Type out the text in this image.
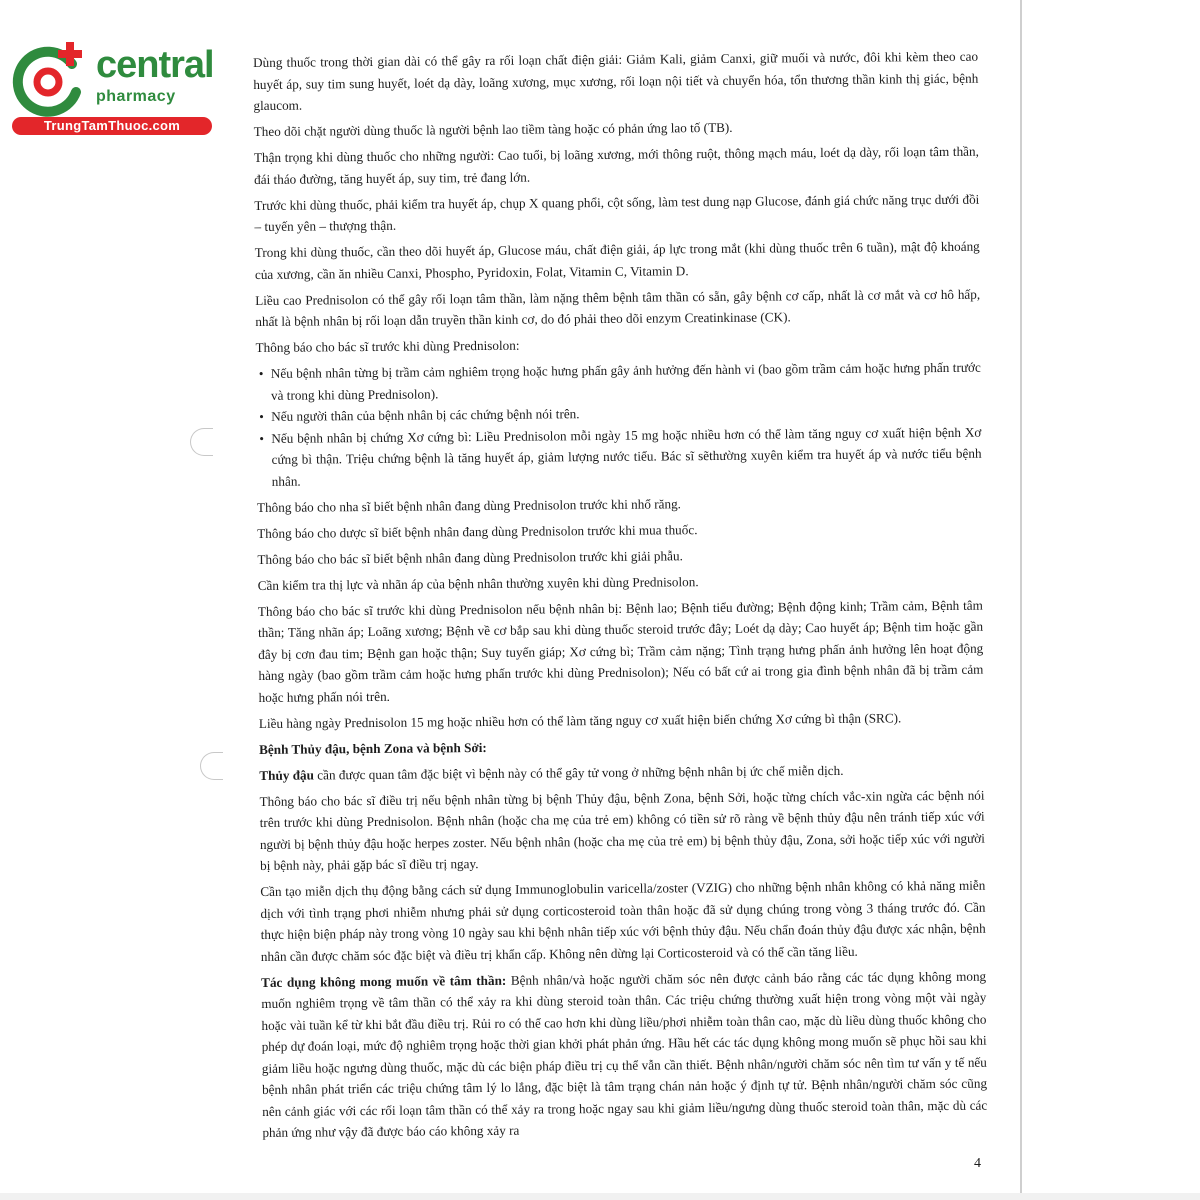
central
pharmacy
TrungTamThuoc.com

Dùng thuốc trong thời gian dài có thể gây ra rối loạn chất điện giải: Giảm Kali, giảm Canxi, giữ muối và nước, đôi khi kèm theo cao huyết áp, suy tim sung huyết, loét dạ dày, loãng xương, mục xương, rối loạn nội tiết và chuyển hóa, tổn thương thần kinh thị giác, bệnh glaucom.

Theo dõi chặt người dùng thuốc là người bệnh lao tiềm tàng hoặc có phản ứng lao tố (TB).

Thận trọng khi dùng thuốc cho những người: Cao tuổi, bị loãng xương, mới thông ruột, thông mạch máu, loét dạ dày, rối loạn tâm thần, đái tháo đường, tăng huyết áp, suy tim, trẻ đang lớn.

Trước khi dùng thuốc, phải kiểm tra huyết áp, chụp X quang phổi, cột sống, làm test dung nạp Glucose, đánh giá chức năng trục dưới đồi – tuyến yên – thượng thận.

Trong khi dùng thuốc, cần theo dõi huyết áp, Glucose máu, chất điện giải, áp lực trong mắt (khi dùng thuốc trên 6 tuần), mật độ khoáng của xương, cần ăn nhiều Canxi, Phospho, Pyridoxin, Folat, Vitamin C, Vitamin D.

Liều cao Prednisolon có thể gây rối loạn tâm thần, làm nặng thêm bệnh tâm thần có sẵn, gây bệnh cơ cấp, nhất là cơ mắt và cơ hô hấp, nhất là bệnh nhân bị rối loạn dẫn truyền thần kinh cơ, do đó phải theo dõi enzym Creatinkinase (CK).

Thông báo cho bác sĩ trước khi dùng Prednisolon:

• Nếu bệnh nhân từng bị trầm cảm nghiêm trọng hoặc hưng phấn gây ảnh hưởng đến hành vi (bao gồm trầm cảm hoặc hưng phấn trước và trong khi dùng Prednisolon).
• Nếu người thân của bệnh nhân bị các chứng bệnh nói trên.
• Nếu bệnh nhân bị chứng Xơ cứng bì: Liều Prednisolon mỗi ngày 15 mg hoặc nhiều hơn có thể làm tăng nguy cơ xuất hiện bệnh Xơ cứng bì thận. Triệu chứng bệnh là tăng huyết áp, giảm lượng nước tiểu. Bác sĩ sẽthường xuyên kiểm tra huyết áp và nước tiểu bệnh nhân.

Thông báo cho nha sĩ biết bệnh nhân đang dùng Prednisolon trước khi nhổ răng.

Thông báo cho dược sĩ biết bệnh nhân đang dùng Prednisolon trước khi mua thuốc.

Thông báo cho bác sĩ biết bệnh nhân đang dùng Prednisolon trước khi giải phẫu.

Cần kiểm tra thị lực và nhãn áp của bệnh nhân thường xuyên khi dùng Prednisolon.

Thông báo cho bác sĩ trước khi dùng Prednisolon nếu bệnh nhân bị: Bệnh lao; Bệnh tiểu đường; Bệnh động kinh; Trầm cảm, Bệnh tâm thần; Tăng nhãn áp; Loãng xương; Bệnh về cơ bắp sau khi dùng thuốc steroid trước đây; Loét dạ dày; Cao huyết áp; Bệnh tim hoặc gần đây bị cơn đau tim; Bệnh gan hoặc thận; Suy tuyến giáp; Xơ cứng bì; Trầm cảm nặng; Tình trạng hưng phấn ảnh hưởng lên hoạt động hàng ngày (bao gồm trầm cảm hoặc hưng phấn trước khi dùng Prednisolon); Nếu có bất cứ ai trong gia đình bệnh nhân đã bị trầm cảm hoặc hưng phấn nói trên.

Liều hàng ngày Prednisolon 15 mg hoặc nhiều hơn có thể làm tăng nguy cơ xuất hiện biến chứng Xơ cứng bì thận (SRC).

Bệnh Thủy đậu, bệnh Zona và bệnh Sởi:

Thủy đậu cần được quan tâm đặc biệt vì bệnh này có thể gây tử vong ở những bệnh nhân bị ức chế miễn dịch.

Thông báo cho bác sĩ điều trị nếu bệnh nhân từng bị bệnh Thủy đậu, bệnh Zona, bệnh Sởi, hoặc từng chích vắc-xin ngừa các bệnh nói trên trước khi dùng Prednisolon. Bệnh nhân (hoặc cha mẹ của trẻ em) không có tiền sử rõ ràng về bệnh thủy đậu nên tránh tiếp xúc với người bị bệnh thủy đậu hoặc herpes zoster. Nếu bệnh nhân (hoặc cha mẹ của trẻ em) bị bệnh thủy đậu, Zona, sởi hoặc tiếp xúc với người bị bệnh này, phải gặp bác sĩ điều trị ngay.

Cần tạo miễn dịch thụ động bằng cách sử dụng Immunoglobulin varicella/zoster (VZIG) cho những bệnh nhân không có khả năng miễn dịch với tình trạng phơi nhiễm nhưng phải sử dụng corticosteroid toàn thân hoặc đã sử dụng chúng trong vòng 3 tháng trước đó. Cần thực hiện biện pháp này trong vòng 10 ngày sau khi bệnh nhân tiếp xúc với bệnh thủy đậu. Nếu chẩn đoán thủy đậu được xác nhận, bệnh nhân cần được chăm sóc đặc biệt và điều trị khẩn cấp. Không nên dừng lại Corticosteroid và có thể cần tăng liều.

Tác dụng không mong muốn về tâm thần: Bệnh nhân/và hoặc người chăm sóc nên được cảnh báo rằng các tác dụng không mong muốn nghiêm trọng về tâm thần có thể xảy ra khi dùng steroid toàn thân. Các triệu chứng thường xuất hiện trong vòng một vài ngày hoặc vài tuần kể từ khi bắt đầu điều trị. Rủi ro có thể cao hơn khi dùng liều/phơi nhiễm toàn thân cao, mặc dù liều dùng thuốc không cho phép dự đoán loại, mức độ nghiêm trọng hoặc thời gian khởi phát phản ứng. Hầu hết các tác dụng không mong muốn sẽ phục hồi sau khi giảm liều hoặc ngưng dùng thuốc, mặc dù các biện pháp điều trị cụ thể vẫn cần thiết. Bệnh nhân/người chăm sóc nên tìm tư vấn y tế nếu bệnh nhân phát triển các triệu chứng tâm lý lo lắng, đặc biệt là tâm trạng chán nản hoặc ý định tự tử. Bệnh nhân/người chăm sóc cũng nên cảnh giác với các rối loạn tâm thần có thể xảy ra trong hoặc ngay sau khi giảm liều/ngưng dùng thuốc steroid toàn thân, mặc dù các phản ứng như vậy đã được báo cáo không xảy ra

4
